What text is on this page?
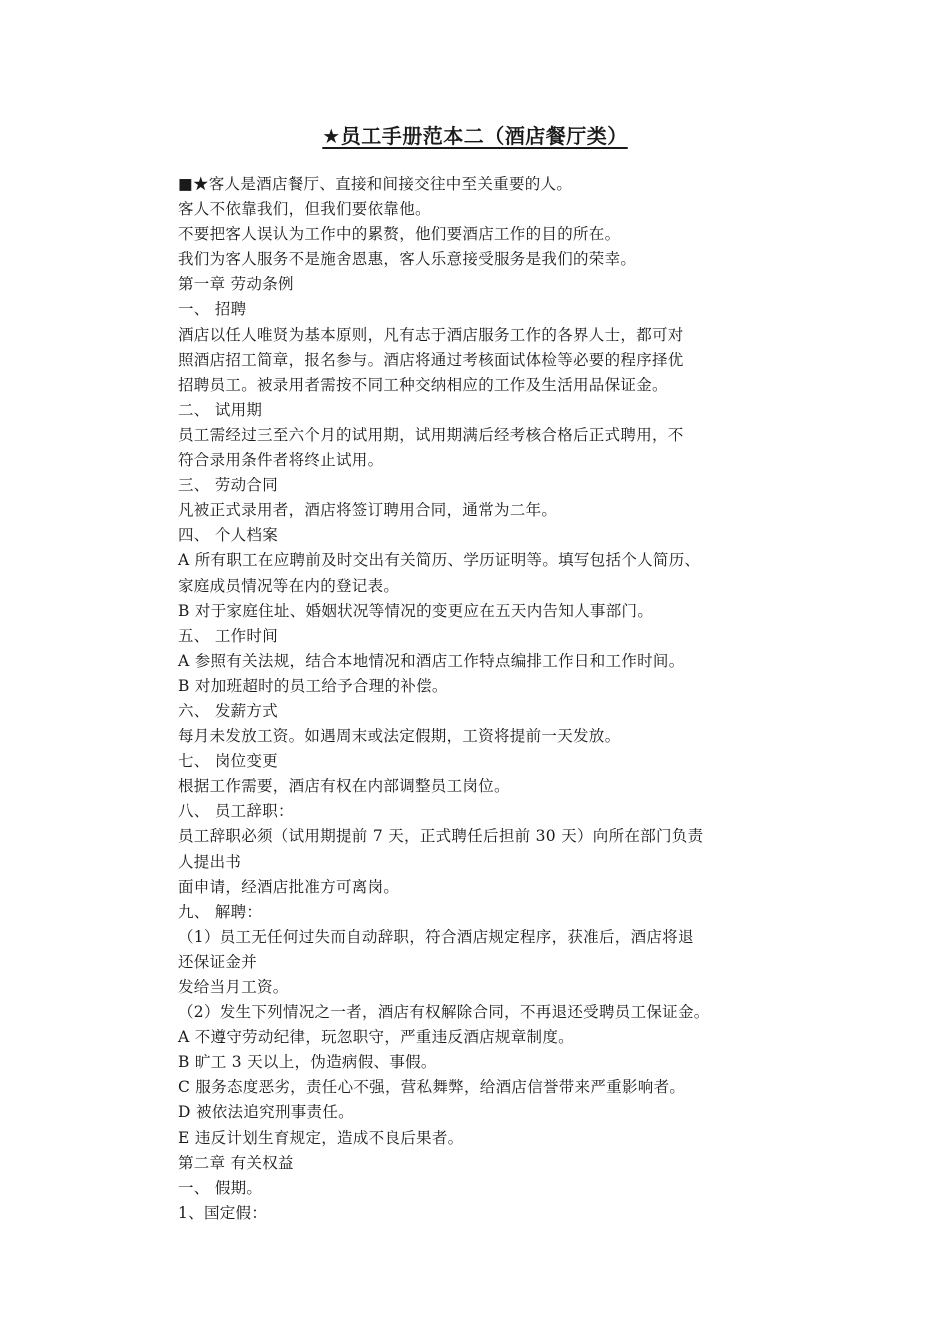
★员工手册范本二（酒店餐厅类）
■★客人是酒店餐厅、直接和间接交往中至关重要的人。
客人不依靠我们，但我们要依靠他。
不要把客人误认为工作中的累赘，他们要酒店工作的目的所在。
我们为客人服务不是施舍恩惠，客人乐意接受服务是我们的荣幸。
第一章 劳动条例
一、 招聘
酒店以任人唯贤为基本原则，凡有志于酒店服务工作的各界人士，都可对
照酒店招工简章，报名参与。酒店将通过考核面试体检等必要的程序择优
招聘员工。被录用者需按不同工种交纳相应的工作及生活用品保证金。
二、 试用期
员工需经过三至六个月的试用期，试用期满后经考核合格后正式聘用，不
符合录用条件者将终止试用。
三、 劳动合同
凡被正式录用者，酒店将签订聘用合同，通常为二年。
四、 个人档案
A 所有职工在应聘前及时交出有关简历、学历证明等。填写包括个人简历、
家庭成员情况等在内的登记表。
B 对于家庭住址、婚姻状况等情况的变更应在五天内告知人事部门。
五、 工作时间
A 参照有关法规，结合本地情况和酒店工作特点编排工作日和工作时间。
B 对加班超时的员工给予合理的补偿。
六、 发薪方式
每月未发放工资。如遇周末或法定假期，工资将提前一天发放。
七、 岗位变更
根据工作需要，酒店有权在内部调整员工岗位。
八、 员工辞职：
员工辞职必须（试用期提前 7 天，正式聘任后担前 30 天）向所在部门负责
人提出书
面申请，经酒店批准方可离岗。
九、 解聘：
（1）员工无任何过失而自动辞职，符合酒店规定程序，获准后，酒店将退
还保证金并
发给当月工资。
（2）发生下列情况之一者，酒店有权解除合同，不再退还受聘员工保证金。
A 不遵守劳动纪律，玩忽职守，严重违反酒店规章制度。
B 旷工 3 天以上，伪造病假、事假。
C 服务态度恶劣，责任心不强，营私舞弊，给酒店信誉带来严重影响者。
D 被依法追究刑事责任。
E 违反计划生育规定，造成不良后果者。
第二章 有关权益
一、 假期。
1、国定假：
